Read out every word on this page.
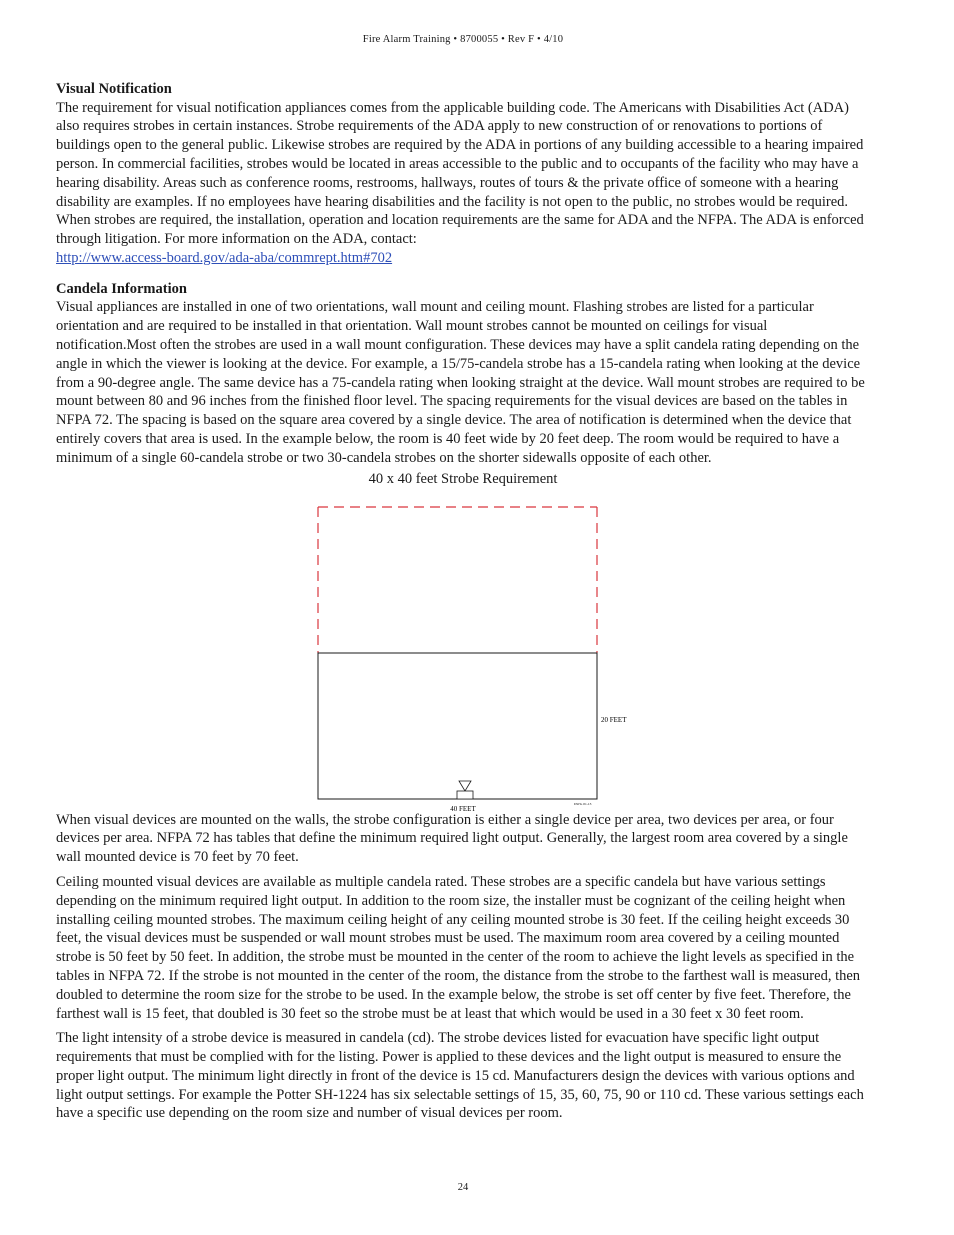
Fire Alarm Training • 8700055 • Rev F • 4/10
Visual Notification

The requirement for visual notification appliances comes from the applicable building code. The Americans with Disabilities Act (ADA) also requires strobes in certain instances. Strobe requirements of the ADA apply to new construction of or renovations to portions of buildings open to the general public. Likewise strobes are required by the ADA in portions of any building accessible to a hearing impaired person. In commercial facilities, strobes would be located in areas accessible to the public and to occupants of the facility who may have a hearing disability. Areas such as conference rooms, restrooms, hallways, routes of tours & the private office of someone with a hearing disability are examples. If no employees have hearing disabilities and the facility is not open to the public, no strobes would be required. When strobes are required, the installation, operation and location requirements are the same for ADA and the NFPA. The ADA is enforced through litigation. For more information on the ADA, contact:
http://www.access-board.gov/ada-aba/commrept.htm#702

Candela Information

Visual appliances are installed in one of two orientations, wall mount and ceiling mount. Flashing strobes are listed for a particular orientation and are required to be installed in that orientation. Wall mount strobes cannot be mounted on ceilings for visual notification.Most often the strobes are used in a wall mount configuration. These devices may have a split candela rating depending on the angle in which the viewer is looking at the device. For example, a 15/75-candela strobe has a 15-candela rating when looking at the device from a 90-degree angle. The same device has a 75-candela rating when looking straight at the device. Wall mount strobes are required to be mount between 80 and 96 inches from the finished floor level. The spacing requirements for the visual devices are based on the tables in NFPA 72. The spacing is based on the square area covered by a single device. The area of notification is determined when the device that entirely covers that area is used. In the example below, the room is 40 feet wide by 20 feet deep. The room would be required to have a minimum of a single 60-candela strobe or two 30-candela strobes on the shorter sidewalls opposite of each other.

40 x 40 feet Strobe Requirement
40 FEET
20 FEET
DWG 01-13

When visual devices are mounted on the walls, the strobe configuration is either a single device per area, two devices per area, or four devices per area. NFPA 72 has tables that define the minimum required light output. Generally, the largest room area covered by a single wall mounted device is 70 feet by 70 feet.

Ceiling mounted visual devices are available as multiple candela rated. These strobes are a specific candela but have various settings depending on the minimum required light output. In addition to the room size, the installer must be cognizant of the ceiling height when installing ceiling mounted strobes. The maximum ceiling height of any ceiling mounted strobe is 30 feet. If the ceiling height exceeds 30 feet, the visual devices must be suspended or wall mount strobes must be used. The maximum room area covered by a ceiling mounted strobe is 50 feet by 50 feet. In addition, the strobe must be mounted in the center of the room to achieve the light levels as specified in the tables in NFPA 72. If the strobe is not mounted in the center of the room, the distance from the strobe to the farthest wall is measured, then doubled to determine the room size for the strobe to be used. In the example below, the strobe is set off center by five feet. Therefore, the farthest wall is 15 feet, that doubled is 30 feet so the strobe must be at least that which would be used in a 30 feet x 30 feet room.

The light intensity of a strobe device is measured in candela (cd). The strobe devices listed for evacuation have specific light output requirements that must be complied with for the listing. Power is applied to these devices and the light output is measured to ensure the proper light output. The minimum light directly in front of the device is 15 cd. Manufacturers design the devices with various options and light output settings. For example the Potter SH-1224 has six selectable settings of 15, 35, 60, 75, 90 or 110 cd. These various settings each have a specific use depending on the room size and number of visual devices per room.

24
